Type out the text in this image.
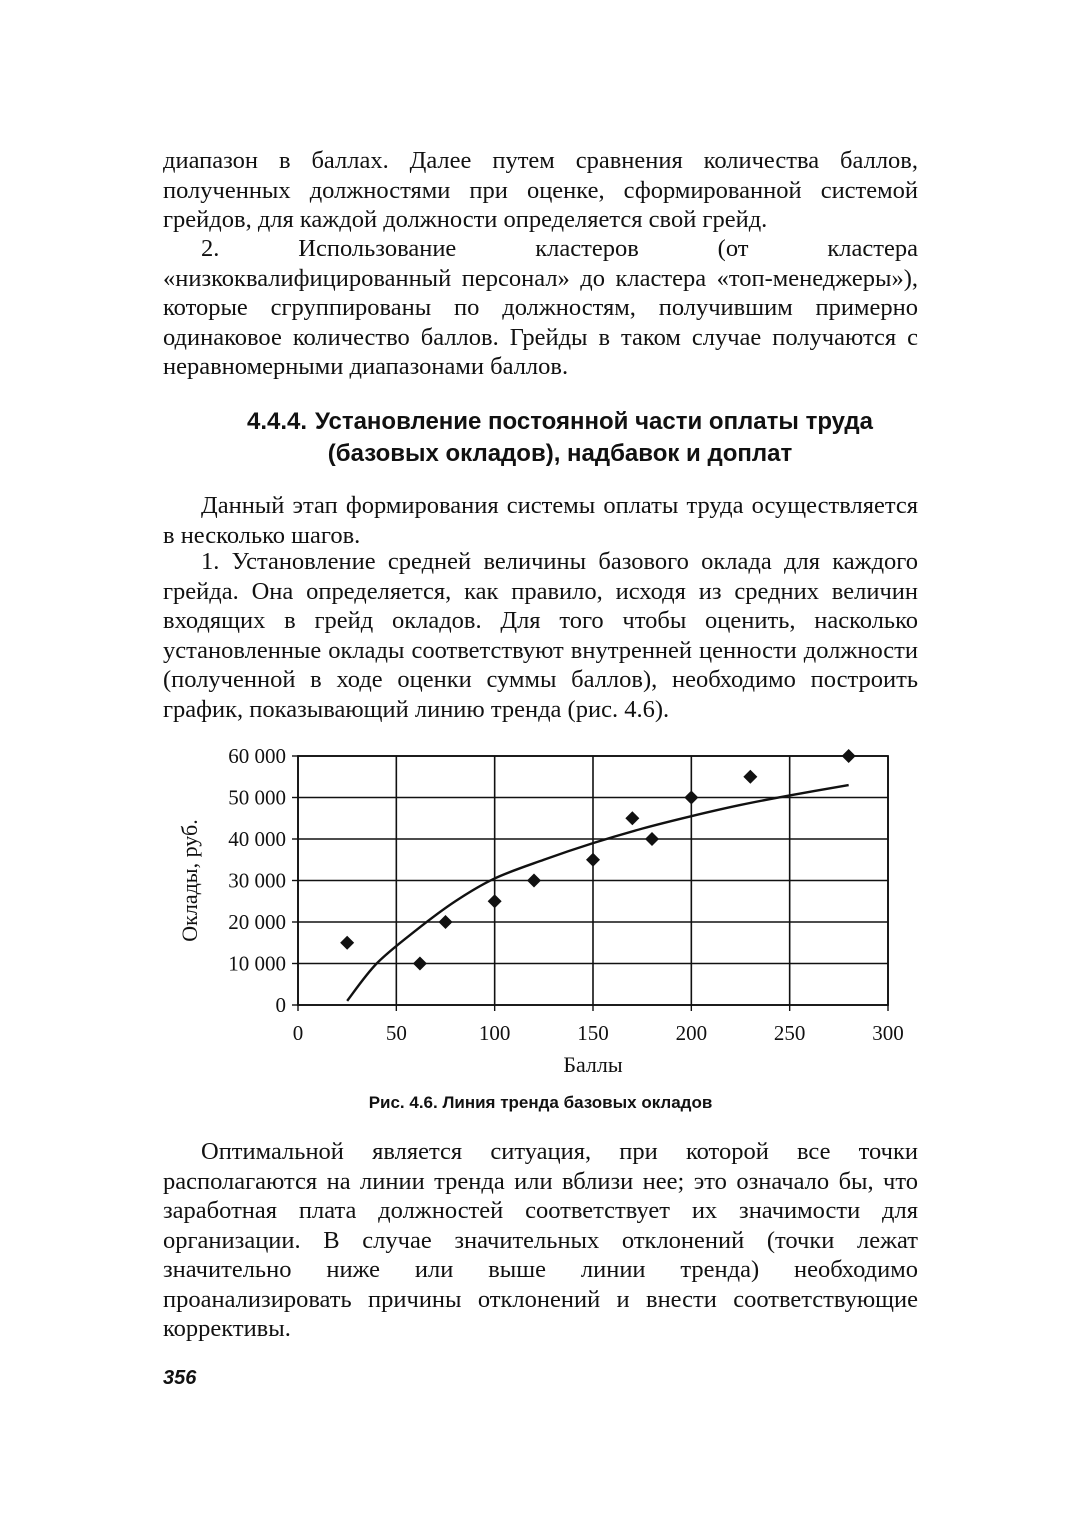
диапазон в баллах. Далее путем сравнения количества баллов, полученных должностями при оценке, сформированной системой грейдов, для каждой должности определяется свой грейд.

2. Использование кластеров (от кластера «низкоквалифицированный персонал» до кластера «топ-менеджеры»), которые сгруппированы по должностям, получившим примерно одинаковое количество баллов. Грейды в таком случае получаются с неравномерными диапазонами баллов.

4.4.4. Установление постоянной части оплаты труда
(базовых окладов), надбавок и доплат

Данный этап формирования системы оплаты труда осуществляется в несколько шагов.

1. Установление средней величины базового оклада для каждого грейда. Она определяется, как правило, исходя из средних величин входящих в грейд окладов. Для того чтобы оценить, насколько установленные оклады соответствуют внутренней ценности должности (полученной в ходе оценки суммы баллов), необходимо построить график, показывающий линию тренда (рис. 4.6).

0
10 000
20 000
30 000
40 000
50 000
60 000
0	50	100	150	200	250	300
Баллы
Оклады, руб.

Рис. 4.6. Линия тренда базовых окладов

Оптимальной является ситуация, при которой все точки располагаются на линии тренда или вблизи нее; это означало бы, что заработная плата должностей соответствует их значимости для организации. В случае значительных отклонений (точки лежат значительно ниже или выше линии тренда) необходимо проанализировать причины отклонений и внести соответствующие коррективы.

356
